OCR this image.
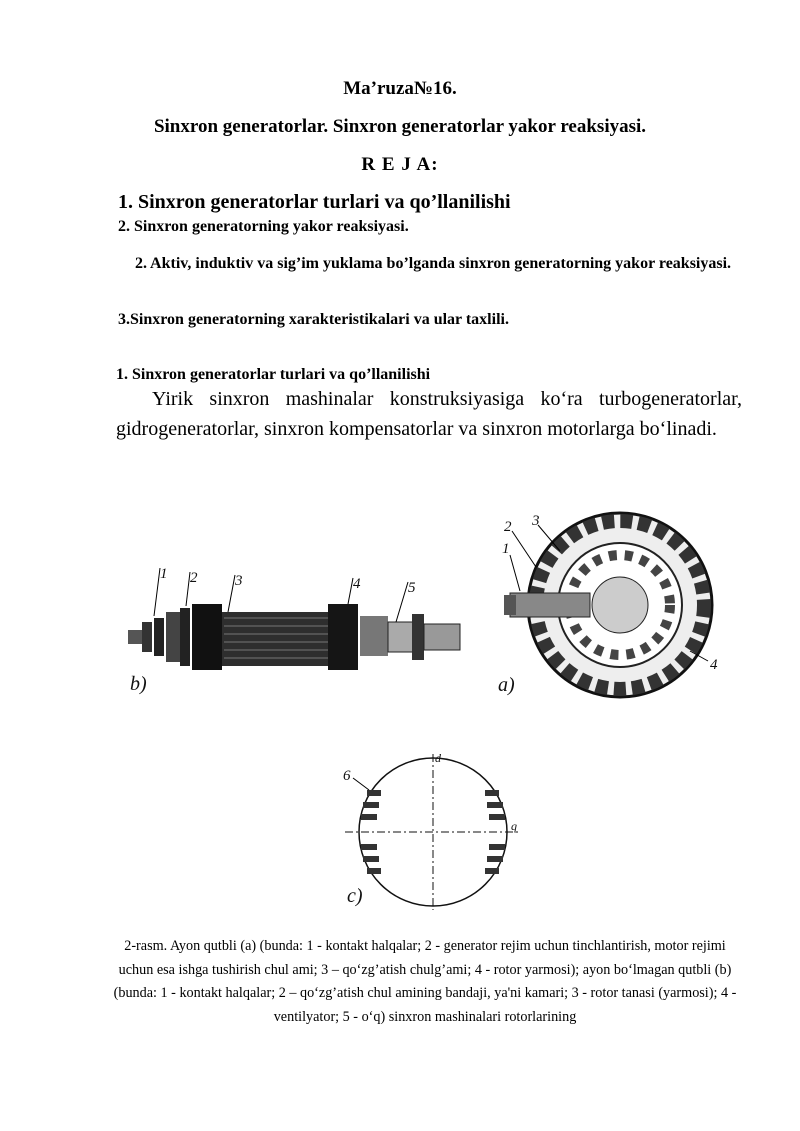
Ma’ruza№16.
Sinxron generatorlar. Sinxron generatorlar yakor reaksiyasi.
R E J A:
1. Sinxron generatorlar turlari va qo’llanilishi
2. Sinxron generatorning yakor reaksiyasi.
2. Aktiv, induktiv va sig’im yuklama bo’lganda sinxron generatorning yakor reaksiyasi.
3.Sinxron generatorning xarakteristikalari va ular taxlili.
1. Sinxron generatorlar turlari va qo’llanilishi
Yirik sinxron mashinalar konstruksiyasiga ko‘ra turbogeneratorlar, gidrogeneratorlar, sinxron kompensatorlar va sinxron motorlarga bo‘linadi.
1 2	3	4	5
b)
2 3
1
4
a)
6
d
q
c)
2-rasm. Ayon qutbli (a) (bunda: 1 - kontakt halqalar; 2 - generator rejim uchun tinchlantirish, motor rejimi uchun esa ishga tushirish chul ami; 3 – qo‘zg’atish chulg’ami; 4 - rotor yarmosi); ayon bo‘lmagan qutbli (b) (bunda: 1 - kontakt halqalar; 2 – qo‘zg’atish chul amining bandaji, ya'ni kamari; 3 - rotor tanasi (yarmosi); 4 - ventilyator; 5 - o‘q) sinxron mashinalari rotorlarining
